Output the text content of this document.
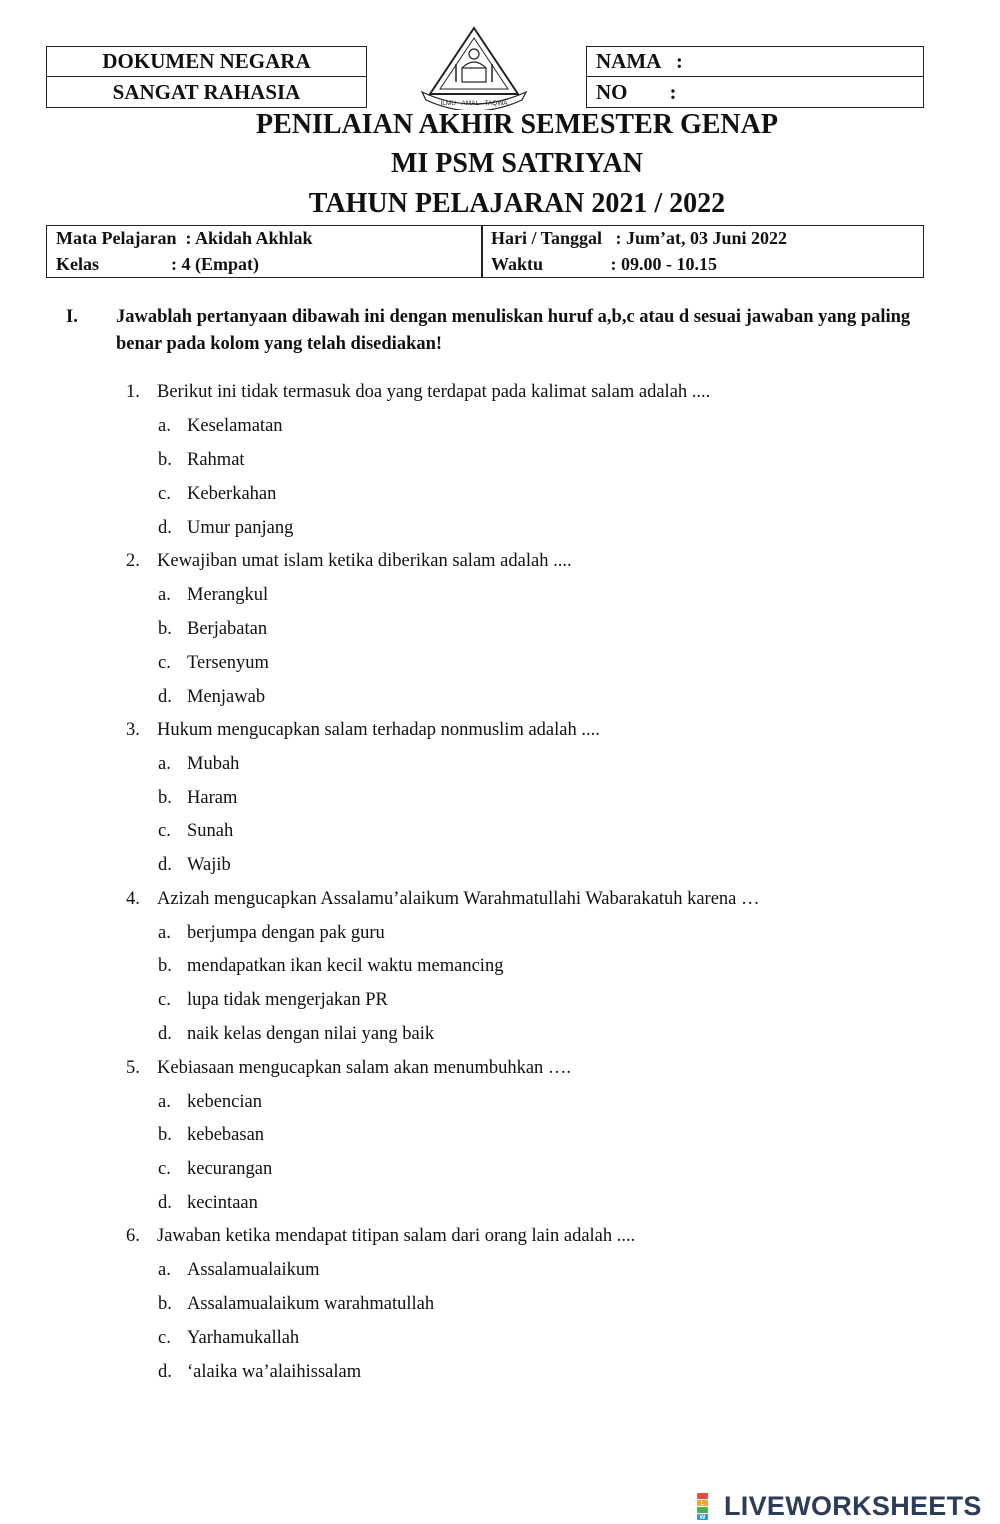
DOKUMEN NEGARA
SANGAT RAHASIA
NAMA   :
NO        :
ILMU - AMAL - TAQWA
PENILAIAN AKHIR SEMESTER GENAP
MI PSM SATRIYAN
TAHUN PELAJARAN 2021 / 2022
Mata Pelajaran  : Akidah Akhlak
Kelas                : 4 (Empat)
Hari / Tanggal   : Jum’at, 03 Juni 2022
Waktu               : 09.00 - 10.15
I. Jawablah pertanyaan dibawah ini dengan menuliskan huruf a,b,c atau d sesuai jawaban yang paling benar pada kolom yang telah disediakan!
1. Berikut ini tidak termasuk doa yang terdapat pada kalimat salam adalah ....
a. Keselamatan
b. Rahmat
c. Keberkahan
d. Umur panjang
2. Kewajiban umat islam ketika diberikan salam adalah ....
a. Merangkul
b. Berjabatan
c. Tersenyum
d. Menjawab
3. Hukum mengucapkan salam terhadap nonmuslim adalah ....
a. Mubah
b. Haram
c. Sunah
d. Wajib
4. Azizah mengucapkan Assalamu’alaikum Warahmatullahi Wabarakatuh karena …
a. berjumpa dengan pak guru
b. mendapatkan ikan kecil waktu memancing
c. lupa tidak mengerjakan PR
d. naik kelas dengan nilai yang baik
5. Kebiasaan mengucapkan salam akan menumbuhkan ….
a. kebencian
b. kebebasan
c. kecurangan
d. kecintaan
6. Jawaban ketika mendapat titipan salam dari orang lain adalah ....
a. Assalamualaikum
b. Assalamualaikum warahmatullah
c. Yarhamukallah
d. ‘alaika wa’alaihissalam
L
W LIVEWORKSHEETS
